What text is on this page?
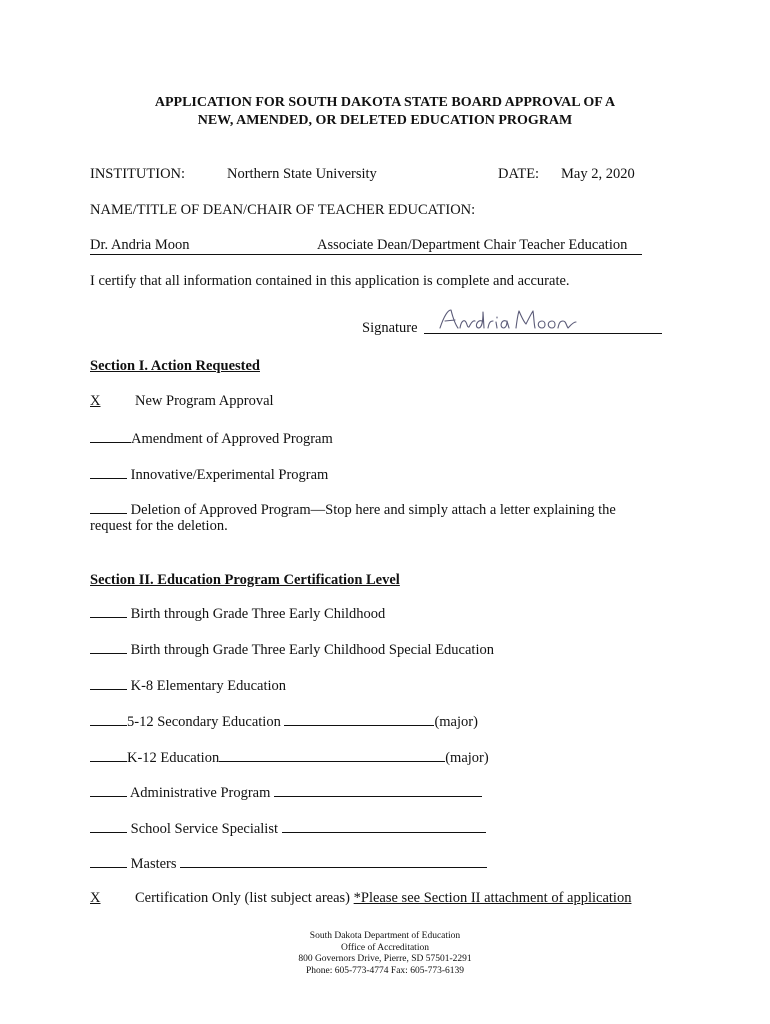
APPLICATION FOR SOUTH DAKOTA STATE BOARD APPROVAL OF A
NEW, AMENDED, OR DELETED EDUCATION PROGRAM
INSTITUTION:	Northern State University	DATE: May 2, 2020
NAME/TITLE OF DEAN/CHAIR OF TEACHER EDUCATION:
Dr. Andria Moon	Associate Dean/Department Chair Teacher Education
I certify that all information contained in this application is complete and accurate.
Signature
Section I. Action Requested
X New Program Approval
Amendment of Approved Program
Innovative/Experimental Program
Deletion of Approved Program—Stop here and simply attach a letter explaining the
request for the deletion.
Section II. Education Program Certification Level
Birth through Grade Three Early Childhood
Birth through Grade Three Early Childhood Special Education
K-8 Elementary Education
5-12 Secondary Education	(major)
K-12 Education	(major)
Administrative Program
School Service Specialist
Masters
X Certification Only (list subject areas) *Please see Section II attachment of application
South Dakota Department of Education
Office of Accreditation
800 Governors Drive, Pierre, SD 57501-2291
Phone: 605-773-4774 Fax: 605-773-6139
